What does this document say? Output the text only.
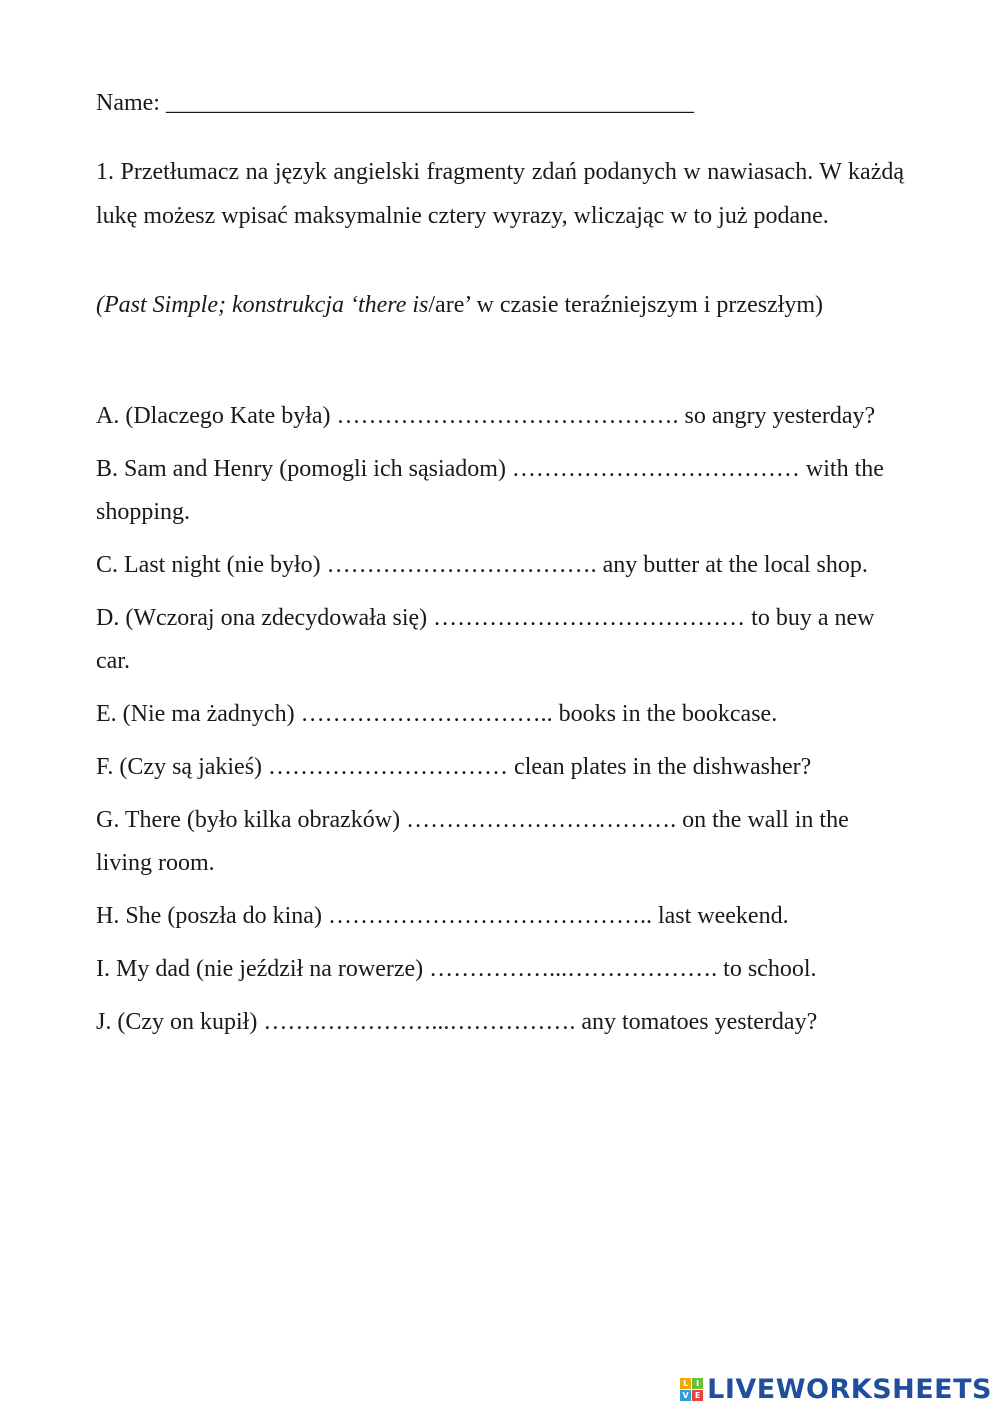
Name: ____________________________________________
1. Przetłumacz na język angielski fragmenty zdań podanych w nawiasach. W każdą lukę możesz wpisać maksymalnie cztery wyrazy, wliczając w to już podane.
(Past Simple; konstrukcja ‘there is/are’ w czasie teraźniejszym i przeszłym)

A. (Dlaczego Kate była) ……………………………………. so angry yesterday?

B. Sam and Henry (pomogli ich sąsiadom) ……………………………… with the shopping.

C. Last night (nie było) ……………………………. any butter at the local shop.

D. (Wczoraj ona zdecydowała się) ………………………………… to buy a new car.

E. (Nie ma żadnych) ………………………….. books in the bookcase.

F. (Czy są jakieś) ………………………… clean plates in the dishwasher?

G. There (było kilka obrazków) ……………………………. on the wall in the living room.

H. She (poszła do kina) ………………………………….. last weekend.

I. My dad (nie jeździł na rowerze) ……………...………………. to school.

J. (Czy on kupił) …………………...……………. any tomatoes yesterday?

L I
V E LIVEWORKSHEETS
